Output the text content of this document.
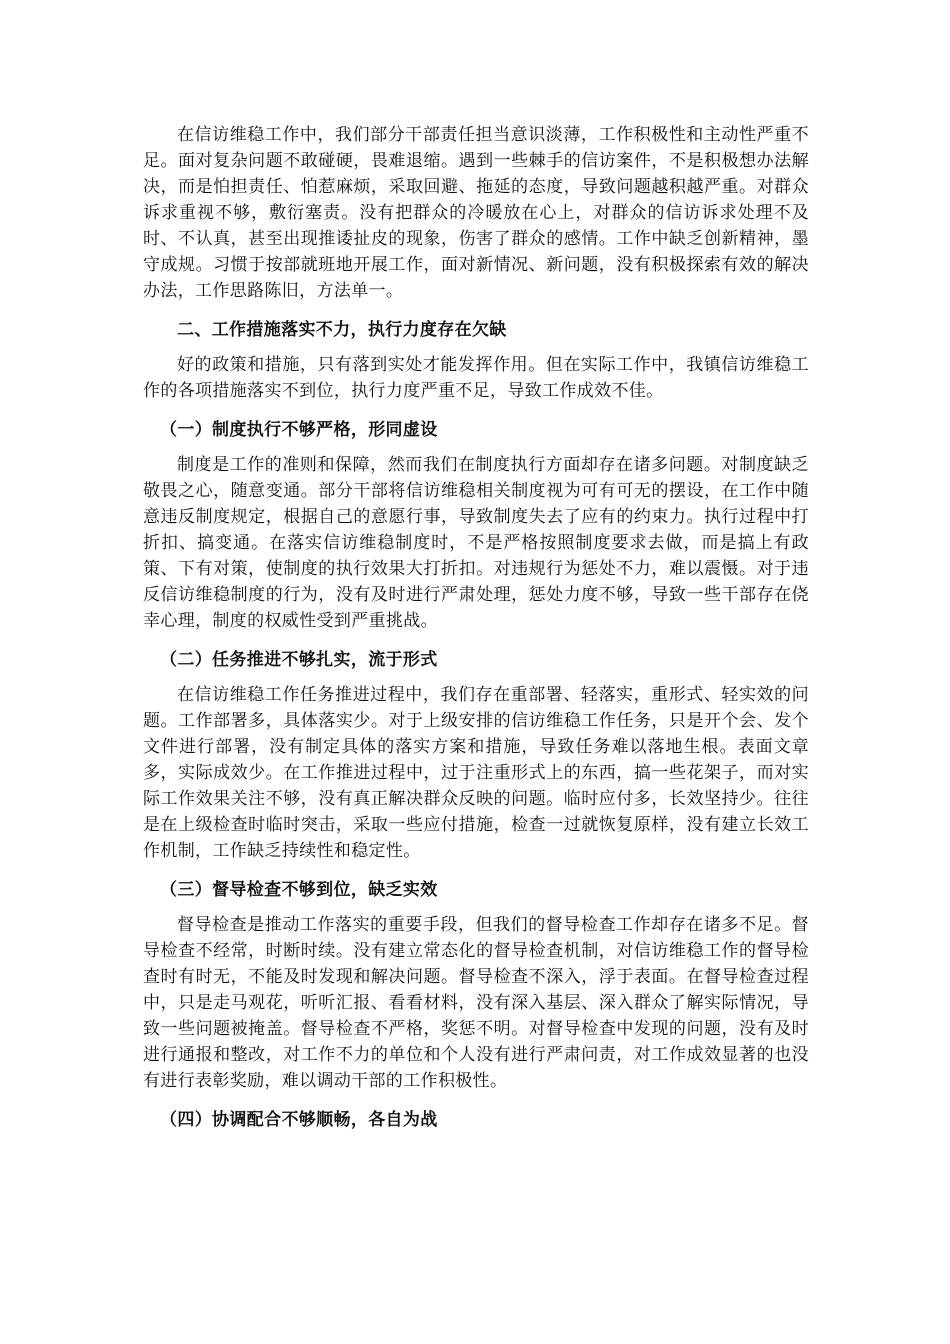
在信访维稳工作中，我们部分干部责任担当意识淡薄，工作积极性和主动性严重不足。面对复杂问题不敢碰硬，畏难退缩。遇到一些棘手的信访案件，不是积极想办法解决，而是怕担责任、怕惹麻烦，采取回避、拖延的态度，导致问题越积越严重。对群众诉求重视不够，敷衍塞责。没有把群众的冷暖放在心上，对群众的信访诉求处理不及时、不认真，甚至出现推诿扯皮的现象，伤害了群众的感情。工作中缺乏创新精神，墨守成规。习惯于按部就班地开展工作，面对新情况、新问题，没有积极探索有效的解决办法，工作思路陈旧，方法单一。

二、工作措施落实不力，执行力度存在欠缺

好的政策和措施，只有落到实处才能发挥作用。但在实际工作中，我镇信访维稳工作的各项措施落实不到位，执行力度严重不足，导致工作成效不佳。

（一）制度执行不够严格，形同虚设

制度是工作的准则和保障，然而我们在制度执行方面却存在诸多问题。对制度缺乏敬畏之心，随意变通。部分干部将信访维稳相关制度视为可有可无的摆设，在工作中随意违反制度规定，根据自己的意愿行事，导致制度失去了应有的约束力。执行过程中打折扣、搞变通。在落实信访维稳制度时，不是严格按照制度要求去做，而是搞上有政策、下有对策，使制度的执行效果大打折扣。对违规行为惩处不力，难以震慑。对于违反信访维稳制度的行为，没有及时进行严肃处理，惩处力度不够，导致一些干部存在侥幸心理，制度的权威性受到严重挑战。

（二）任务推进不够扎实，流于形式

在信访维稳工作任务推进过程中，我们存在重部署、轻落实，重形式、轻实效的问题。工作部署多，具体落实少。对于上级安排的信访维稳工作任务，只是开个会、发个文件进行部署，没有制定具体的落实方案和措施，导致任务难以落地生根。表面文章多，实际成效少。在工作推进过程中，过于注重形式上的东西，搞一些花架子，而对实际工作效果关注不够，没有真正解决群众反映的问题。临时应付多，长效坚持少。往往是在上级检查时临时突击，采取一些应付措施，检查一过就恢复原样，没有建立长效工作机制，工作缺乏持续性和稳定性。

（三）督导检查不够到位，缺乏实效

督导检查是推动工作落实的重要手段，但我们的督导检查工作却存在诸多不足。督导检查不经常，时断时续。没有建立常态化的督导检查机制，对信访维稳工作的督导检查时有时无，不能及时发现和解决问题。督导检查不深入，浮于表面。在督导检查过程中，只是走马观花，听听汇报、看看材料，没有深入基层、深入群众了解实际情况，导致一些问题被掩盖。督导检查不严格，奖惩不明。对督导检查中发现的问题，没有及时进行通报和整改，对工作不力的单位和个人没有进行严肃问责，对工作成效显著的也没有进行表彰奖励，难以调动干部的工作积极性。

（四）协调配合不够顺畅，各自为战
